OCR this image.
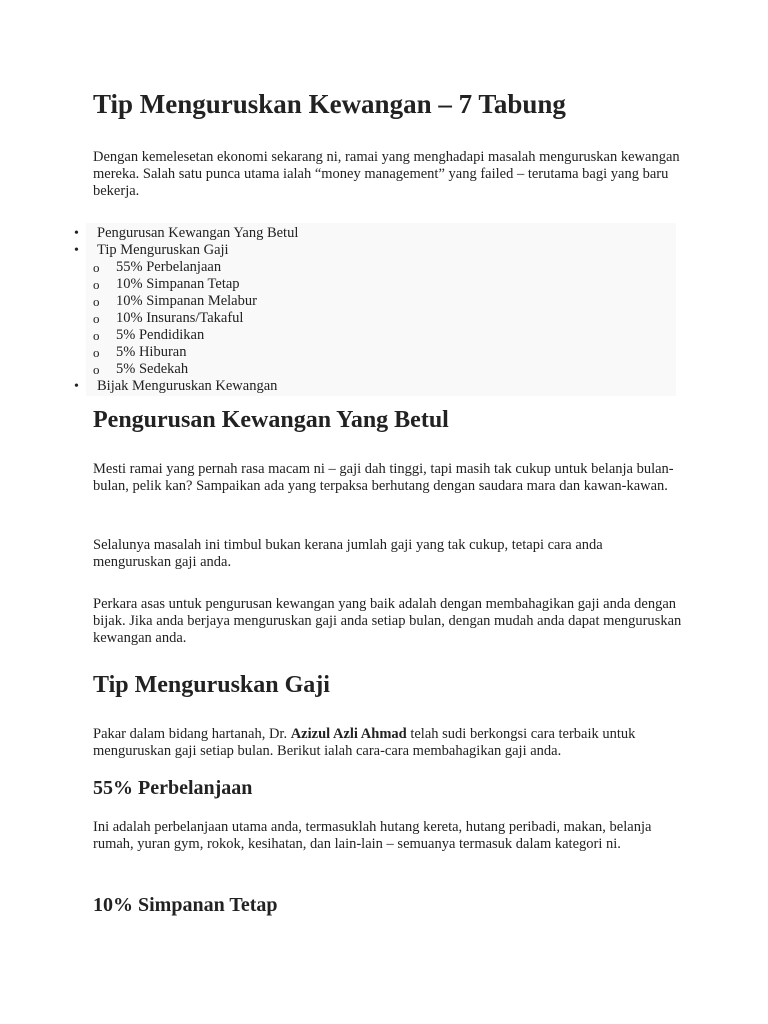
Tip Menguruskan Kewangan – 7 Tabung

Dengan kemelesetan ekonomi sekarang ni, ramai yang menghadapi masalah menguruskan kewangan mereka. Salah satu punca utama ialah “money management” yang failed – terutama bagi yang baru bekerja.

• Pengurusan Kewangan Yang Betul
• Tip Menguruskan Gaji
o 55% Perbelanjaan
o 10% Simpanan Tetap
o 10% Simpanan Melabur
o 10% Insurans/Takaful
o 5% Pendidikan
o 5% Hiburan
o 5% Sedekah
• Bijak Menguruskan Kewangan
Pengurusan Kewangan Yang Betul

Mesti ramai yang pernah rasa macam ni – gaji dah tinggi, tapi masih tak cukup untuk belanja bulan-bulan, pelik kan? Sampaikan ada yang terpaksa berhutang dengan saudara mara dan kawan-kawan.

Selalunya masalah ini timbul bukan kerana jumlah gaji yang tak cukup, tetapi cara anda menguruskan gaji anda.

Perkara asas untuk pengurusan kewangan yang baik adalah dengan membahagikan gaji anda dengan bijak. Jika anda berjaya menguruskan gaji anda setiap bulan, dengan mudah anda dapat menguruskan kewangan anda.

Tip Menguruskan Gaji

Pakar dalam bidang hartanah, Dr. Azizul Azli Ahmad telah sudi berkongsi cara terbaik untuk menguruskan gaji setiap bulan. Berikut ialah cara-cara membahagikan gaji anda.

55% Perbelanjaan

Ini adalah perbelanjaan utama anda, termasuklah hutang kereta, hutang peribadi, makan, belanja rumah, yuran gym, rokok, kesihatan, dan lain-lain – semuanya termasuk dalam kategori ni.

10% Simpanan Tetap
